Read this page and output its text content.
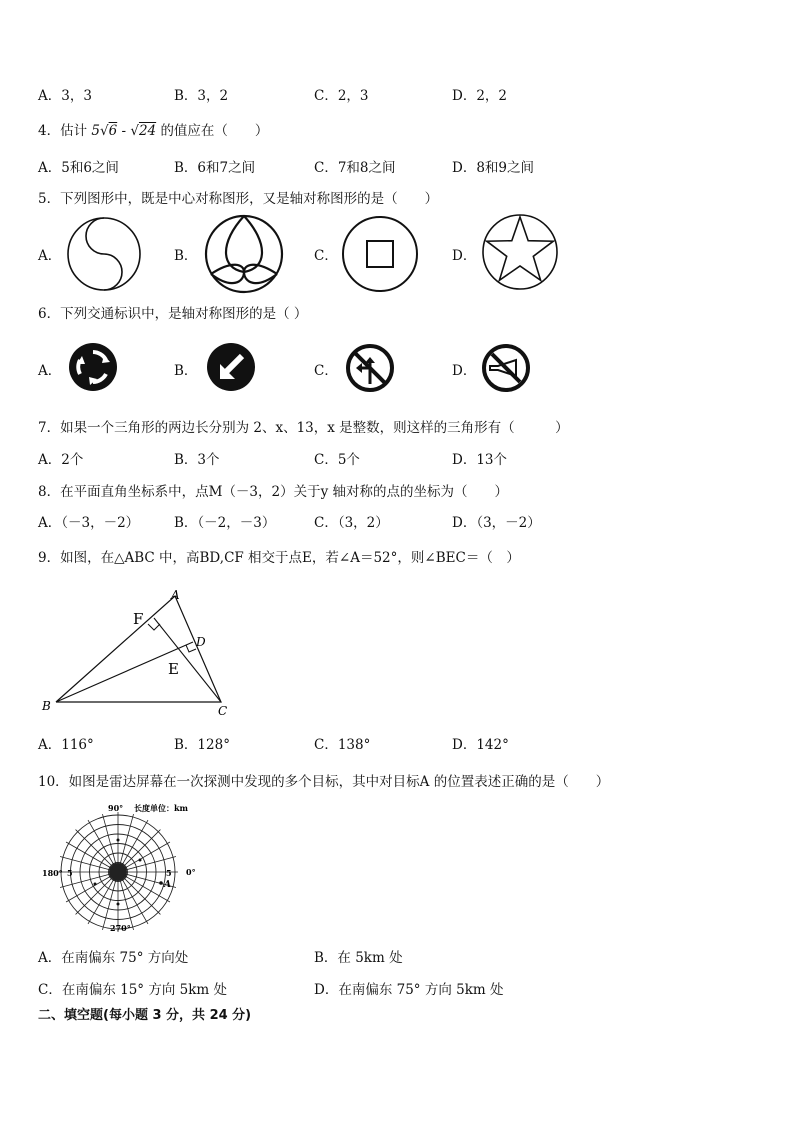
A．3，3	B．3，2	C．2，3	D．2，2
4．估计 5√6 - √24 的值应在（　　）
A．5和6之间	B．6和7之间	C．7和8之间	D．8和9之间
5．下列图形中，既是中心对称图形，又是轴对称图形的是（　　）
A．	B．	C．	D．
6．下列交通标识中，是轴对称图形的是（ ）
A．	B．	C．	D．
7．如果一个三角形的两边长分别为 2、x、13，x 是整数，则这样的三角形有（　　　）
A．2个	B．3个	C．5个	D．13个
8．在平面直角坐标系中，点M（－3，2）关于y 轴对称的点的坐标为（　　）
A．（－3，－2）	B．（－2，－3）	C．（3，2）	D．（3，－2）
9．如图，在△ABC 中，高BD,CF 相交于点E，若∠A＝52°，则∠BEC＝（　）
A
F
D
E
B	C
A．116°	B．128°	C．138°	D．142°
10．如图是雷达屏幕在一次探测中发现的多个目标，其中对目标A 的位置表述正确的是（　　）
90° 长度单位：km
180°	0°
270°
5	5
A
A．在南偏东 75° 方向处	B．在 5km 处
C．在南偏东 15° 方向 5km 处	D．在南偏东 75° 方向 5km 处
二、填空题(每小题 3 分，共 24 分)
